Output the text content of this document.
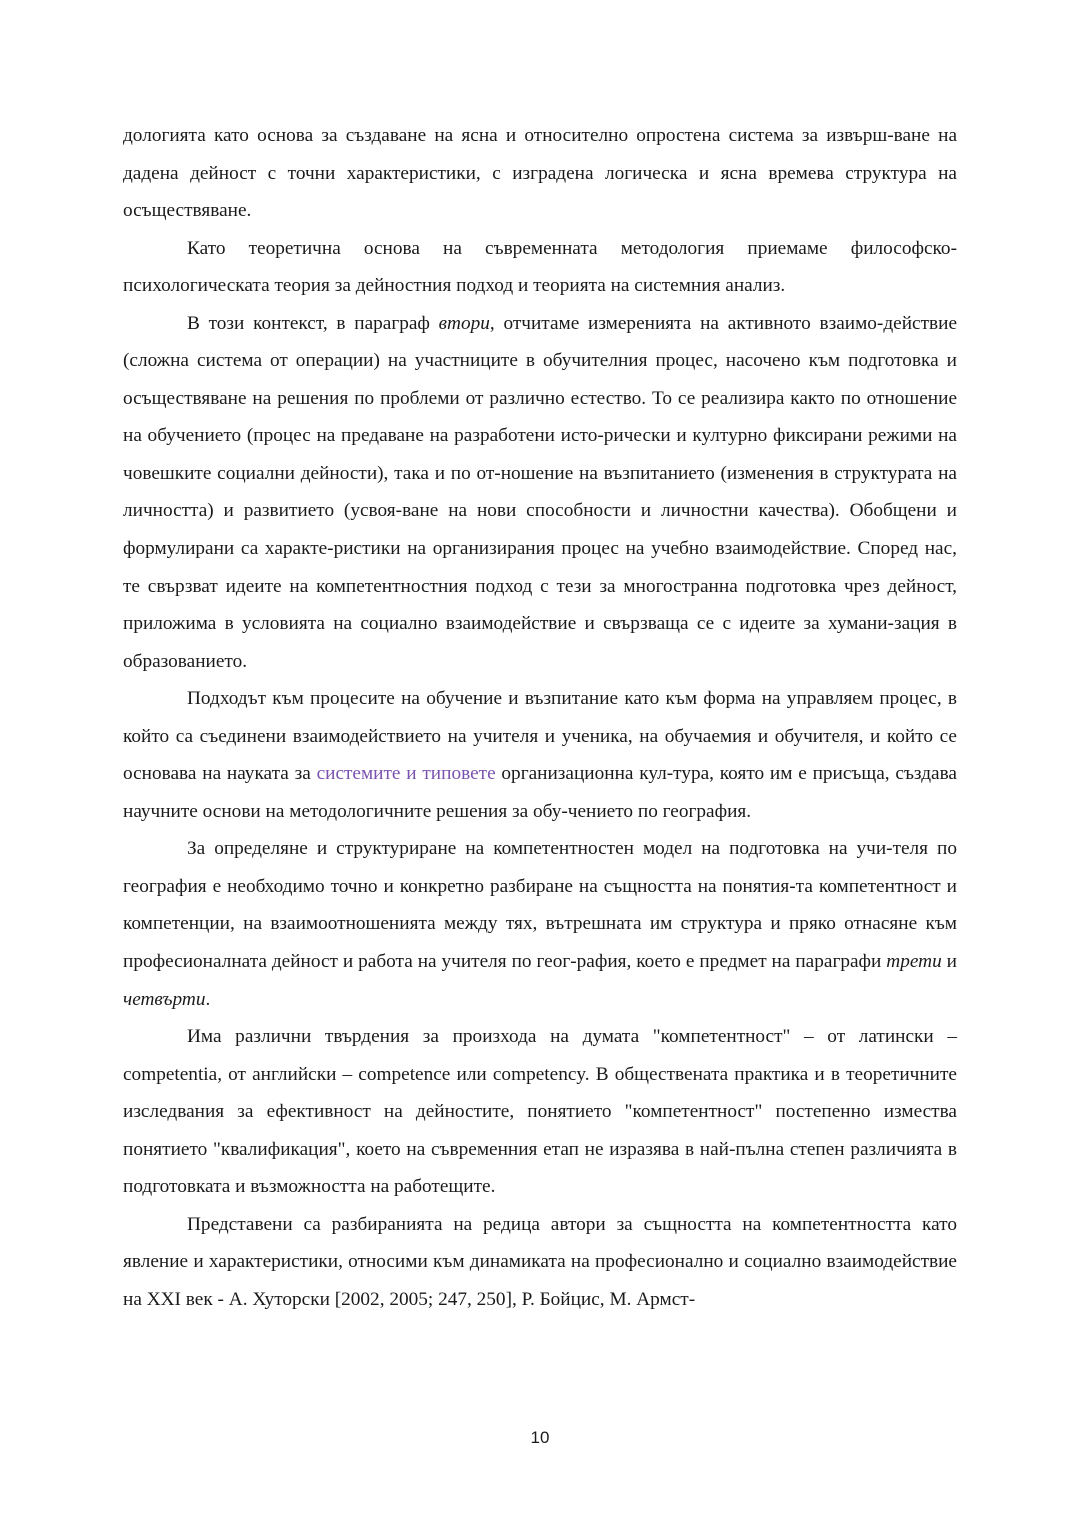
дологията като основа за създаване на ясна и относително опростена система за извърш-ване на дадена дейност с точни характеристики, с изградена логическа и ясна времева структура на осъществяване.

Като теоретична основа на съвременната методология приемаме философско-психологическата теория за дейностния подход и теорията на системния анализ.

В този контекст, в параграф втори, отчитаме измеренията на активното взаимо-действие (сложна система от операции) на участниците в обучителния процес, насочено към подготовка и осъществяване на решения по проблеми от различно естество. То се реализира както по отношение на обучението (процес на предаване на разработени исто-рически и културно фиксирани режими на човешките социални дейности), така и по от-ношение на възпитанието (изменения в структурата на личността) и развитието (усвоя-ване на нови способности и личностни качества). Обобщени и формулирани са характе-ристики на организирания процес на учебно взаимодействие. Според нас, те свързват идеите на компетентностния подход с тези за многостранна подготовка чрез дейност, приложима в условията на социално взаимодействие и свързваща се с идеите за хумани-зация в образованието.

Подходът към процесите на обучение и възпитание като към форма на управляем процес, в който са съединени взаимодействието на учителя и ученика, на обучаемия и обучителя, и който се основава на науката за системите и типовете организационна кул-тура, която им е присъща, създава научните основи на методологичните решения за обу-чението по география.

За определяне и структуриране на компетентностен модел на подготовка на учи-теля по география е необходимо точно и конкретно разбиране на същността на понятия-та компетентност и компетенции, на взаимоотношенията между тях, вътрешната им структура и пряко отнасяне към професионалната дейност и работа на учителя по геог-рафия, което е предмет на параграфи трети и четвърти.

Има различни твърдения за произхода на думата "компетентност" – от латински – competentia, от английски – competence или competency. В обществената практика и в теоретичните изследвания за ефективност на дейностите, понятието "компетентност" постепенно измества понятието "квалификация", което на съвременния етап не изразява в най-пълна степен различията в подготовката и възможността на работещите.

Представени са разбиранията на редица автори за същността на компетентността като явление и характеристики, относими към динамиката на професионално и социално взаимодействие на XXI век - А. Хуторски [2002, 2005; 247, 250], Р. Бойцис, М. Армст-

10
